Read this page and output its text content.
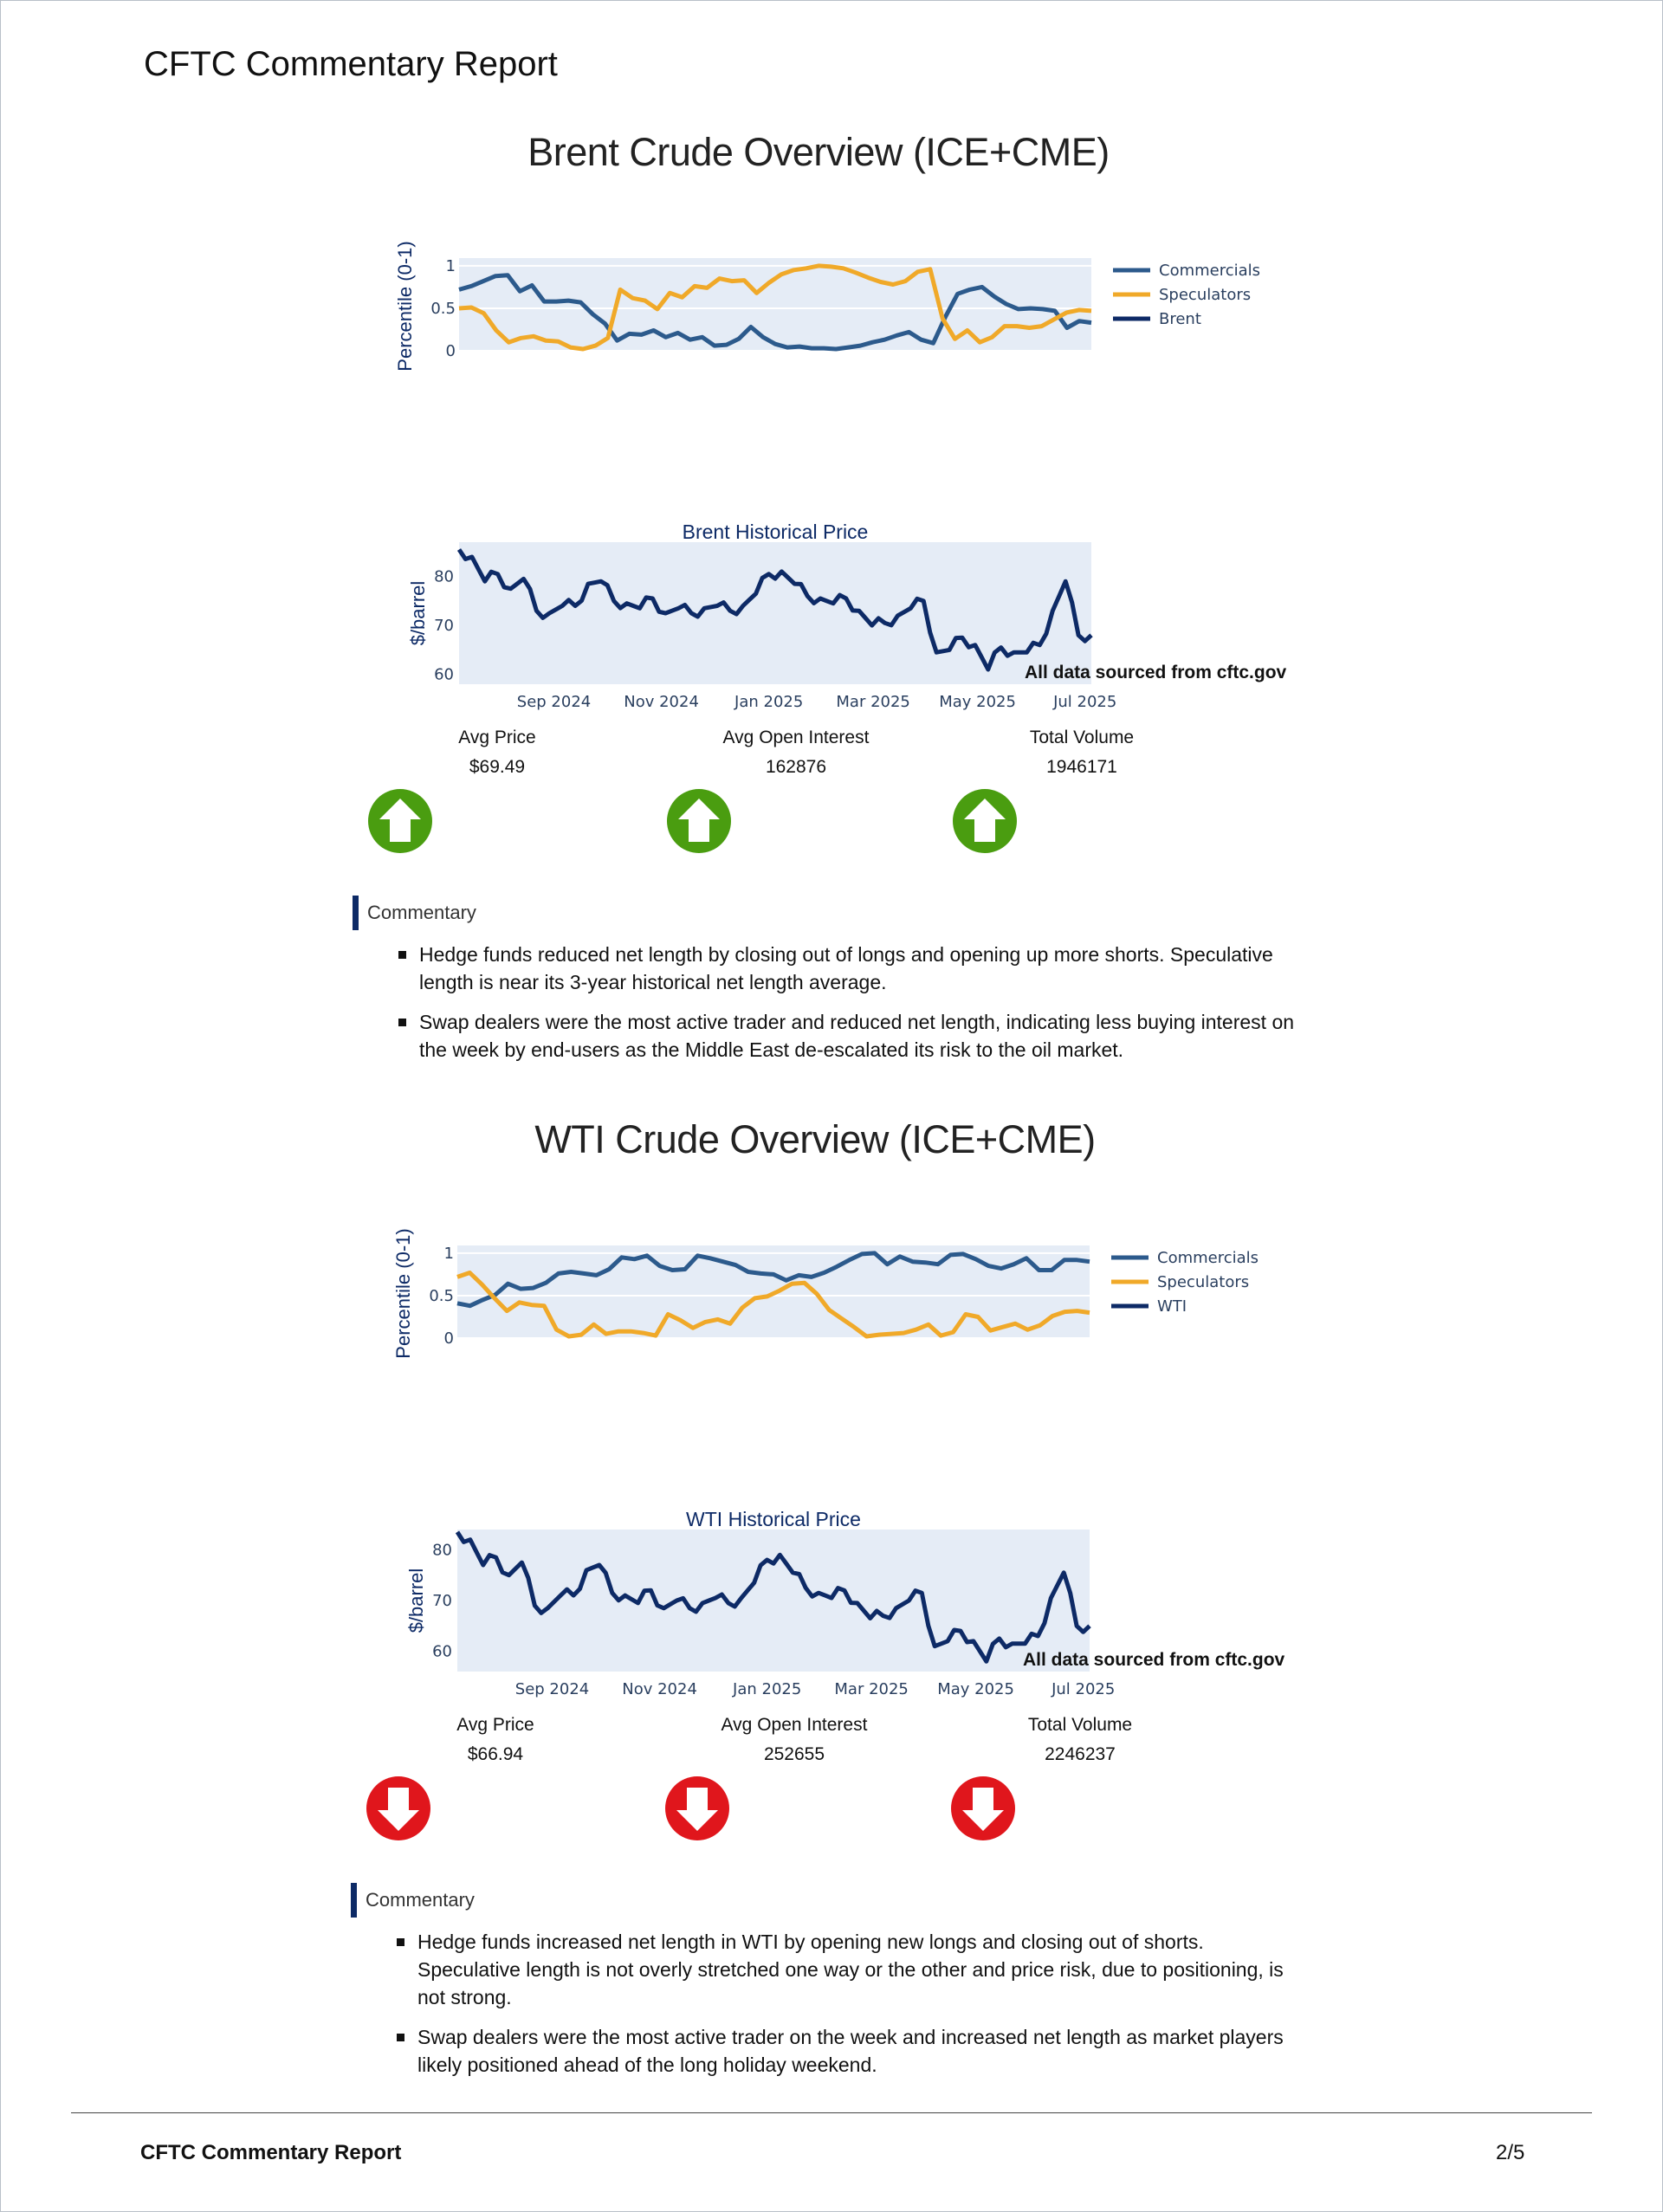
CFTC Commentary Report
Brent Crude Overview (ICE+CME)
0
0.5
1
Percentile (0-1)	Commercials
Speculators
Brent
Brent Historical Price
60
70
80
$/barrel
Sep 2024 Nov 2024 Jan 2025 Mar 2025 May 2025 Jul 2025
All data sourced from cftc.gov
Avg Price
$69.49
Avg Open Interest
162876
Total Volume
1946171
Commentary
Hedge funds reduced net length by closing out of longs and opening up more shorts. Speculative length is near its 3-year historical net length average.
Swap dealers were the most active trader and reduced net length, indicating less buying interest on the week by end-users as the Middle East de-escalated its risk to the oil market.
WTI Crude Overview (ICE+CME)
0
0.5
1
Percentile (0-1)	Commercials
Speculators
WTI
WTI Historical Price
60
70
80
$/barrel
Sep 2024 Nov 2024 Jan 2025 Mar 2025 May 2025 Jul 2025
All data sourced from cftc.gov
Avg Price
$66.94
Avg Open Interest
252655
Total Volume
2246237
Commentary
Hedge funds increased net length in WTI by opening new longs and closing out of shorts. Speculative length is not overly stretched one way or the other and price risk, due to positioning, is not strong.
Swap dealers were the most active trader on the week and increased net length as market players likely positioned ahead of the long holiday weekend.
CFTC Commentary Report	2/5
